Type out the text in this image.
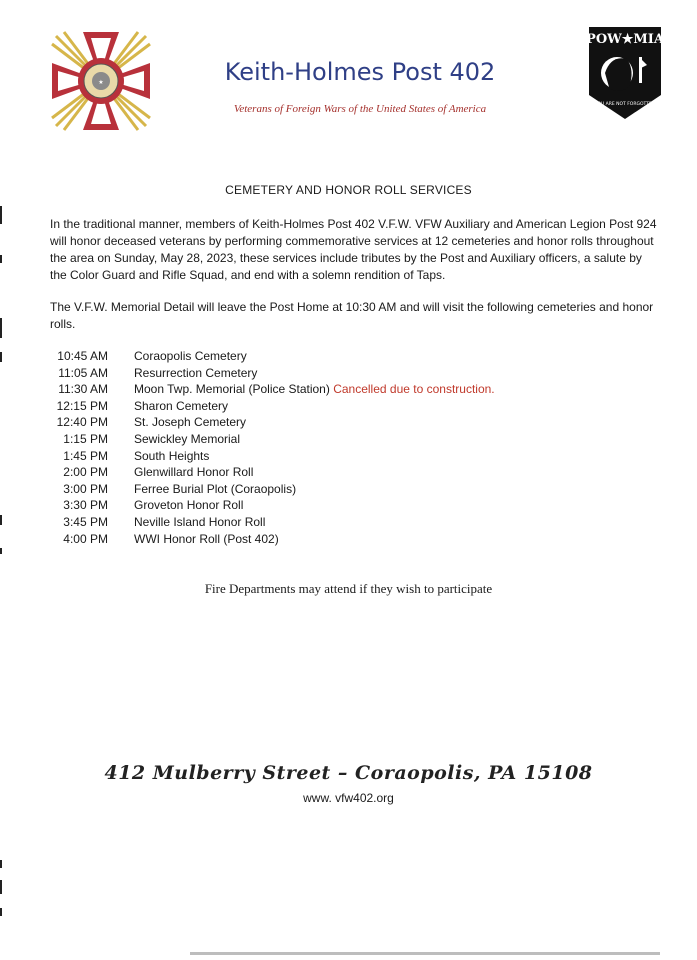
★	Keith-Holmes Post 402
Veterans of Foreign Wars of the United States of America
POW★MIA
YOU ARE NOT FORGOTTEN
CEMETERY AND HONOR ROLL SERVICES
In the traditional manner, members of Keith-Holmes Post 402 V.F.W. VFW Auxiliary and American Legion Post 924 will honor deceased veterans by performing commemorative services at 12 cemeteries and honor rolls throughout the area on Sunday, May 28, 2023, these services include tributes by the Post and Auxiliary officers, a salute by the Color Guard and Rifle Squad, and end with a solemn rendition of Taps.
The V.F.W. Memorial Detail will leave the Post Home at 10:30 AM and will visit the following cemeteries and honor rolls.
10:45 AM Coraopolis Cemetery
11:05 AM Resurrection Cemetery
11:30 AM Moon Twp. Memorial (Police Station) Cancelled due to construction.
12:15 PM Sharon Cemetery
12:40 PM St. Joseph Cemetery
1:15 PM Sewickley Memorial
1:45 PM South Heights
2:00 PM Glenwillard Honor Roll
3:00 PM Ferree Burial Plot (Coraopolis)
3:30 PM Groveton Honor Roll
3:45 PM Neville Island Honor Roll
4:00 PM WWI Honor Roll (Post 402)
Fire Departments may attend if they wish to participate
412 Mulberry Street – Coraopolis, PA 15108
www. vfw402.org
